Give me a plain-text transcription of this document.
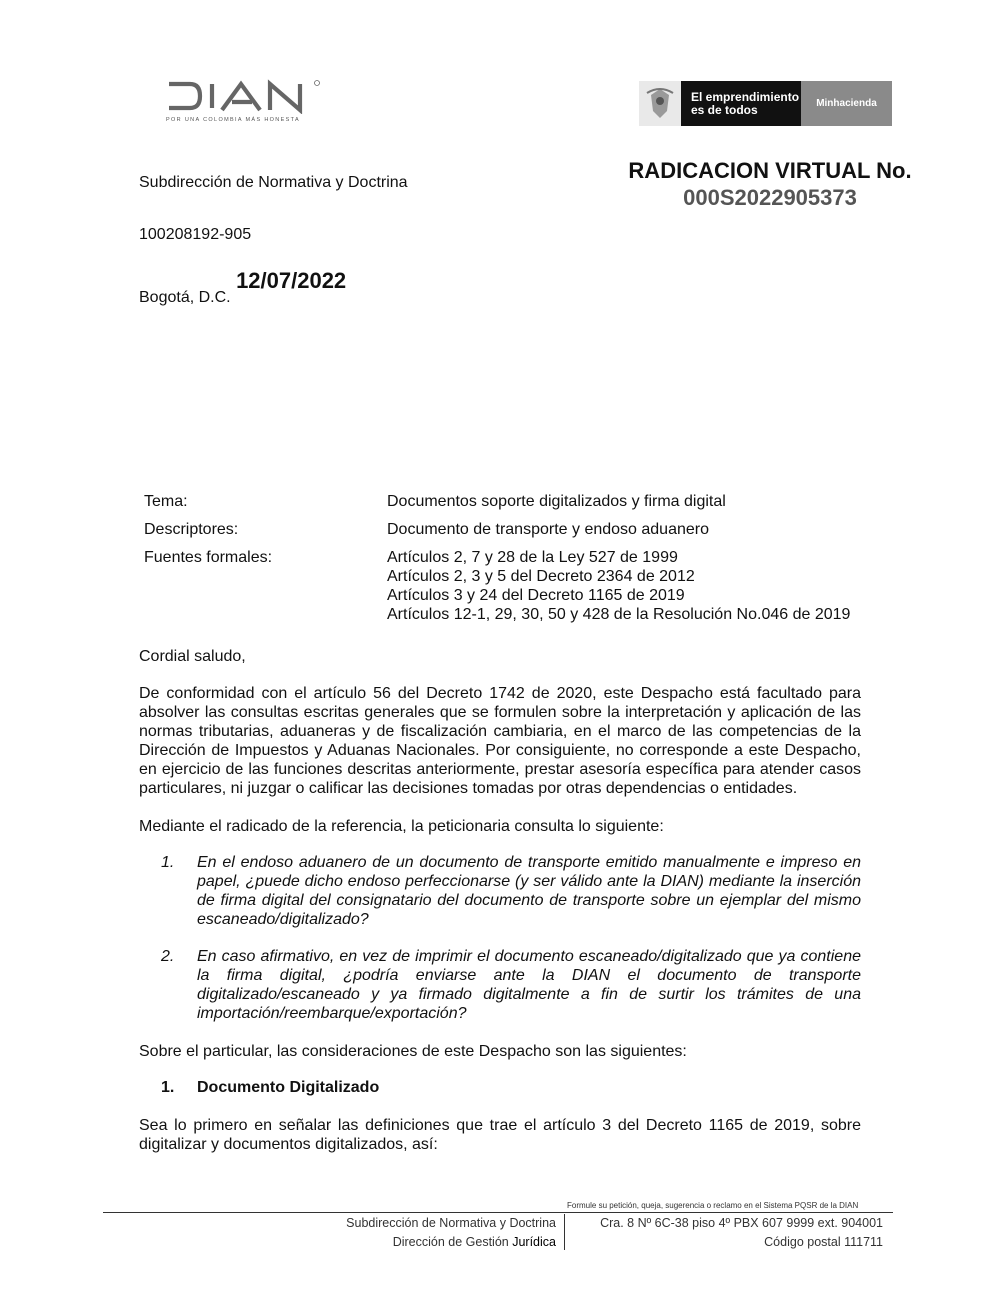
POR UNA COLOMBIA MÁS HONESTA
El emprendimiento
es de todos	Minhacienda
RADICACION VIRTUAL No.
000S2022905373
Subdirección de Normativa y Doctrina
100208192-905
Bogotá, D.C. 12/07/2022
Tema:	Documentos soporte digitalizados y firma digital
Descriptores:	Documento de transporte y endoso aduanero
Fuentes formales:	Artículos 2, 7 y 28 de la Ley 527 de 1999
Artículos 2, 3 y 5 del Decreto 2364 de 2012
Artículos 3 y 24 del Decreto 1165 de 2019
Artículos 12-1, 29, 30, 50 y 428 de la Resolución No.046 de 2019
Cordial saludo,
De conformidad con el artículo 56 del Decreto 1742 de 2020, este Despacho está facultado para absolver las consultas escritas generales que se formulen sobre la interpretación y aplicación de las normas tributarias, aduaneras y de fiscalización cambiaria, en el marco de las competencias de la Dirección de Impuestos y Aduanas Nacionales. Por consiguiente, no corresponde a este Despacho, en ejercicio de las funciones descritas anteriormente, prestar asesoría específica para atender casos particulares, ni juzgar o calificar las decisiones tomadas por otras dependencias o entidades.
Mediante el radicado de la referencia, la peticionaria consulta lo siguiente:
1. En el endoso aduanero de un documento de transporte emitido manualmente e impreso en papel, ¿puede dicho endoso perfeccionarse (y ser válido ante la DIAN) mediante la inserción de firma digital del consignatario del documento de transporte sobre un ejemplar del mismo escaneado/digitalizado?
2. En caso afirmativo, en vez de imprimir el documento escaneado/digitalizado que ya contiene la firma digital, ¿podría enviarse ante la DIAN el documento de transporte digitalizado/escaneado y ya firmado digitalmente a fin de surtir los trámites de una importación/reembarque/exportación?
Sobre el particular, las consideraciones de este Despacho son las siguientes:
1. Documento Digitalizado
Sea lo primero en señalar las definiciones que trae el artículo 3 del Decreto 1165 de 2019, sobre digitalizar y documentos digitalizados, así:
Formule su petición, queja, sugerencia o reclamo en el Sistema PQSR de la DIAN
Subdirección de Normativa y Doctrina
Dirección de Gestión Jurídica
Cra. 8 Nº 6C-38 piso 4º PBX 607 9999 ext. 904001
Código postal 111711
